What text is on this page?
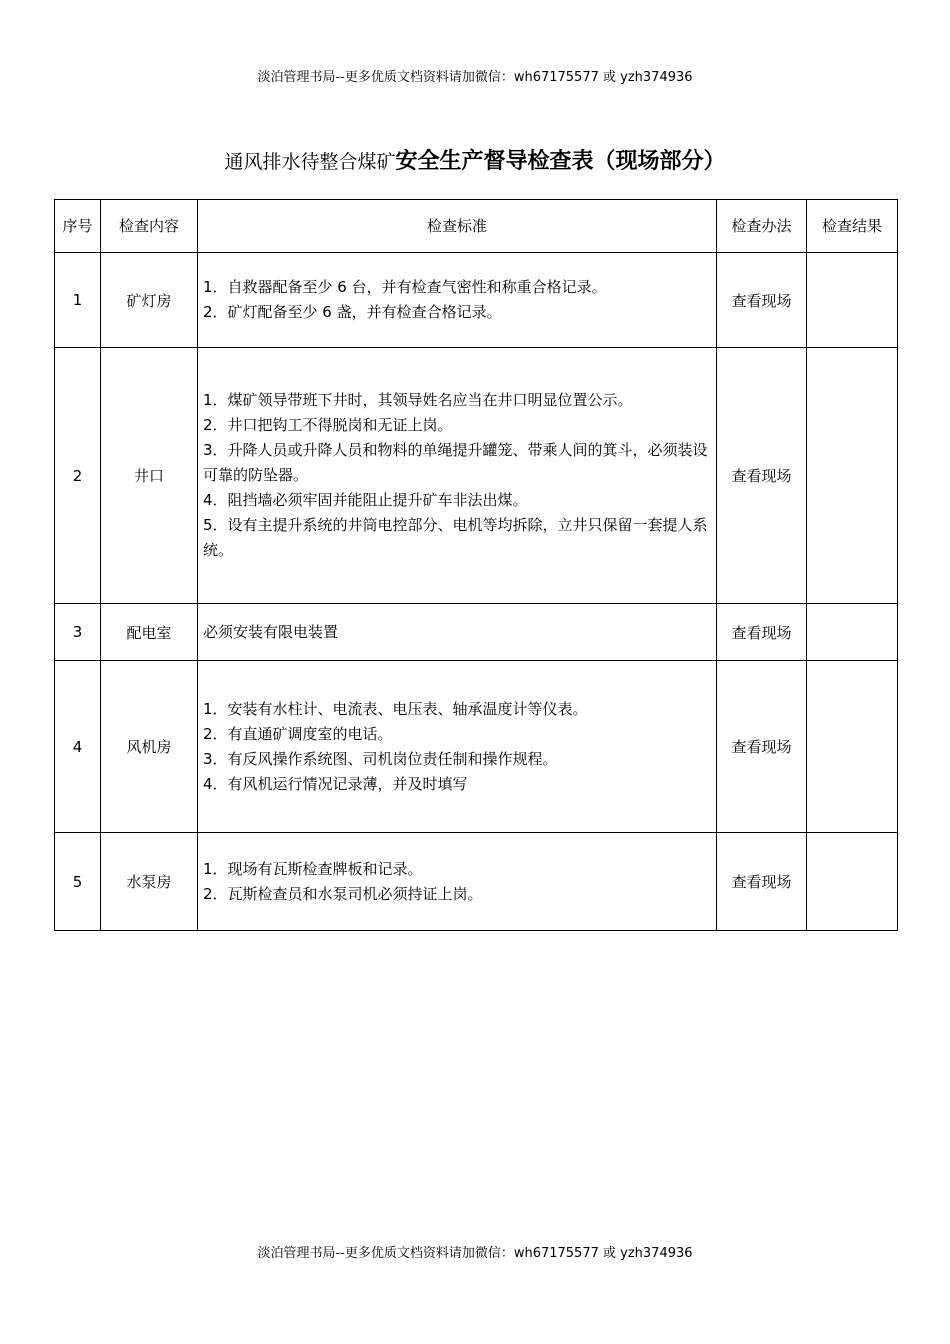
淡泊管理书局--更多优质文档资料请加微信：wh67175577 或 yzh374936
通风排水待整合煤矿安全生产督导检查表（现场部分）
序号	检查内容	检查标准	检查办法	检查结果
1	矿灯房	1．自救器配备至少 6 台，并有检查气密性和称重合格记录。
2．矿灯配备至少 6 盏，并有检查合格记录。	查看现场	
2	井口	1．煤矿领导带班下井时，其领导姓名应当在井口明显位置公示。
2．井口把钩工不得脱岗和无证上岗。
3．升降人员或升降人员和物料的单绳提升罐笼、带乘人间的箕斗，必须装设可靠的防坠器。
4．阻挡墙必须牢固并能阻止提升矿车非法出煤。
5．设有主提升系统的井筒电控部分、电机等均拆除，立井只保留一套提人系统。	查看现场	
3	配电室	必须安装有限电装置	查看现场	
4	风机房	1．安装有水柱计、电流表、电压表、轴承温度计等仪表。
2．有直通矿调度室的电话。
3．有反风操作系统图、司机岗位责任制和操作规程。
4．有风机运行情况记录薄，并及时填写	查看现场	
5	水泵房	1．现场有瓦斯检查牌板和记录。
2．瓦斯检查员和水泵司机必须持证上岗。	查看现场	
淡泊管理书局--更多优质文档资料请加微信：wh67175577 或 yzh374936
